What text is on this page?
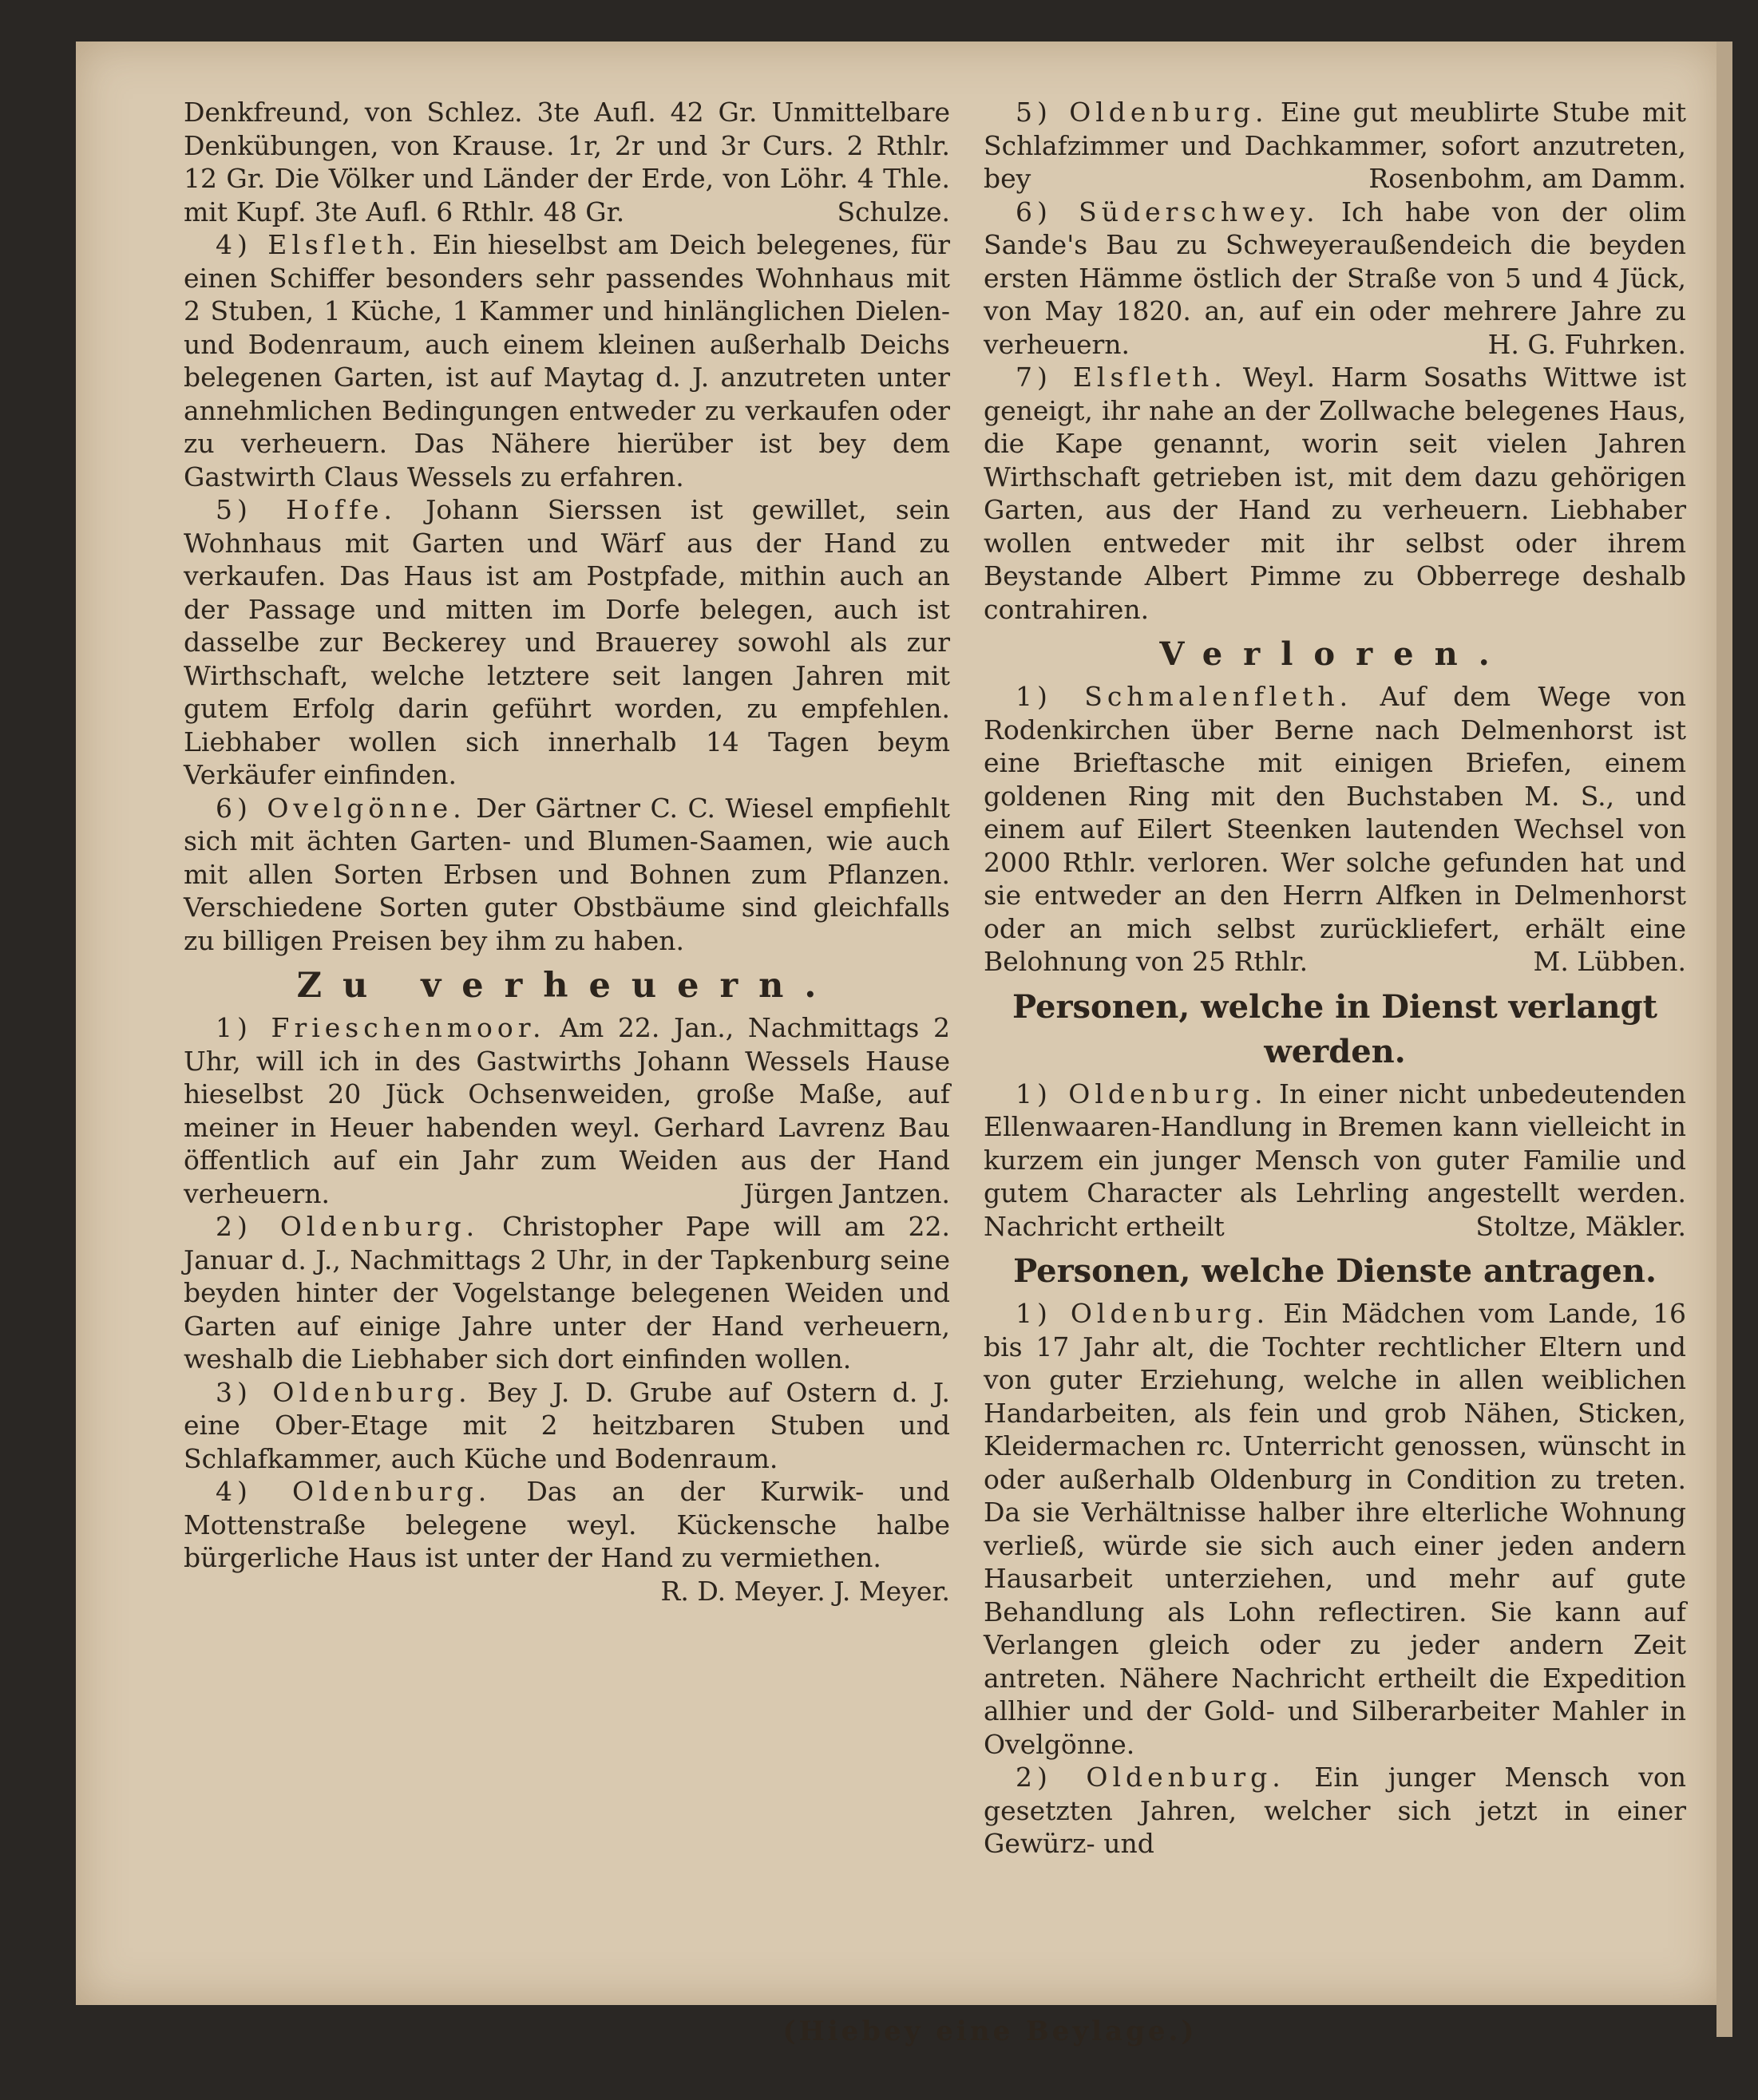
Denkfreund, von Schlez. 3te Aufl. 42 Gr. Unmittelbare Denkübungen, von Krause. 1r, 2r und 3r Curs. 2 Rthlr. 12 Gr. Die Völker und Länder der Erde, von Löhr. 4 Thle. mit Kupf. 3te Aufl. 6 Rthlr. 48 Gr.	Schulze.

4) Elsfleth. Ein hieselbst am Deich belegenes, für einen Schiffer besonders sehr passendes Wohnhaus mit 2 Stuben, 1 Küche, 1 Kammer und hinlänglichen Dielen- und Bodenraum, auch einem kleinen außerhalb Deichs belegenen Garten, ist auf Maytag d. J. anzutreten unter annehmlichen Bedingungen entweder zu verkaufen oder zu verheuern. Das Nähere hierüber ist bey dem Gastwirth Claus Wessels zu erfahren.

5) Hoffe. Johann Sierssen ist gewillet, sein Wohnhaus mit Garten und Wärf aus der Hand zu verkaufen. Das Haus ist am Postpfade, mithin auch an der Passage und mitten im Dorfe belegen, auch ist dasselbe zur Beckerey und Brauerey sowohl als zur Wirthschaft, welche letztere seit langen Jahren mit gutem Erfolg darin geführt worden, zu empfehlen. Liebhaber wollen sich innerhalb 14 Tagen beym Verkäufer einfinden.

6) Ovelgönne. Der Gärtner C. C. Wiesel empfiehlt sich mit ächten Garten- und Blumen-Saamen, wie auch mit allen Sorten Erbsen und Bohnen zum Pflanzen. Verschiedene Sorten guter Obstbäume sind gleichfalls zu billigen Preisen bey ihm zu haben.

Zu verheuern.

1) Frieschenmoor. Am 22. Jan., Nachmittags 2 Uhr, will ich in des Gastwirths Johann Wessels Hause hieselbst 20 Jück Ochsenweiden, große Maße, auf meiner in Heuer habenden weyl. Gerhard Lavrenz Bau öffentlich auf ein Jahr zum Weiden aus der Hand verheuern.	Jürgen Jantzen.

2) Oldenburg. Christopher Pape will am 22. Januar d. J., Nachmittags 2 Uhr, in der Tapkenburg seine beyden hinter der Vogelstange belegenen Weiden und Garten auf einige Jahre unter der Hand verheuern, weshalb die Liebhaber sich dort einfinden wollen.

3) Oldenburg. Bey J. D. Grube auf Ostern d. J. eine Ober-Etage mit 2 heitzbaren Stuben und Schlafkammer, auch Küche und Bodenraum.

4) Oldenburg. Das an der Kurwik- und Mottenstraße belegene weyl. Kückensche halbe bürgerliche Haus ist unter der Hand zu vermiethen.
R. D. Meyer. J. Meyer.

5) Oldenburg. Eine gut meublirte Stube mit Schlafzimmer und Dachkammer, sofort anzutreten, bey	Rosenbohm, am Damm.

6) Süderschwey. Ich habe von der olim Sande's Bau zu Schweyeraußendeich die beyden ersten Hämme östlich der Straße von 5 und 4 Jück, von May 1820. an, auf ein oder mehrere Jahre zu verheuern.	H. G. Fuhrken.

7) Elsfleth. Weyl. Harm Sosaths Wittwe ist geneigt, ihr nahe an der Zollwache belegenes Haus, die Kape genannt, worin seit vielen Jahren Wirthschaft getrieben ist, mit dem dazu gehörigen Garten, aus der Hand zu verheuern. Liebhaber wollen entweder mit ihr selbst oder ihrem Beystande Albert Pimme zu Obberrege deshalb contrahiren.

Verloren.

1) Schmalenfleth. Auf dem Wege von Rodenkirchen über Berne nach Delmenhorst ist eine Brieftasche mit einigen Briefen, einem goldenen Ring mit den Buchstaben M. S., und einem auf Eilert Steenken lautenden Wechsel von 2000 Rthlr. verloren. Wer solche gefunden hat und sie entweder an den Herrn Alfken in Delmenhorst oder an mich selbst zurückliefert, erhält eine Belohnung von 25 Rthlr.	M. Lübben.

Personen, welche in Dienst verlangt werden.

1) Oldenburg. In einer nicht unbedeutenden Ellenwaaren-Handlung in Bremen kann vielleicht in kurzem ein junger Mensch von guter Familie und gutem Character als Lehrling angestellt werden. Nachricht ertheilt	Stoltze, Mäkler.

Personen, welche Dienste antragen.

1) Oldenburg. Ein Mädchen vom Lande, 16 bis 17 Jahr alt, die Tochter rechtlicher Eltern und von guter Erziehung, welche in allen weiblichen Handarbeiten, als fein und grob Nähen, Sticken, Kleidermachen rc. Unterricht genossen, wünscht in oder außerhalb Oldenburg in Condition zu treten. Da sie Verhältnisse halber ihre elterliche Wohnung verließ, würde sie sich auch einer jeden andern Hausarbeit unterziehen, und mehr auf gute Behandlung als Lohn reflectiren. Sie kann auf Verlangen gleich oder zu jeder andern Zeit antreten. Nähere Nachricht ertheilt die Expedition allhier und der Gold- und Silberarbeiter Mahler in Ovelgönne.

2) Oldenburg. Ein junger Mensch von gesetzten Jahren, welcher sich jetzt in einer Gewürz- und

(Hiebey eine Beylage.)
